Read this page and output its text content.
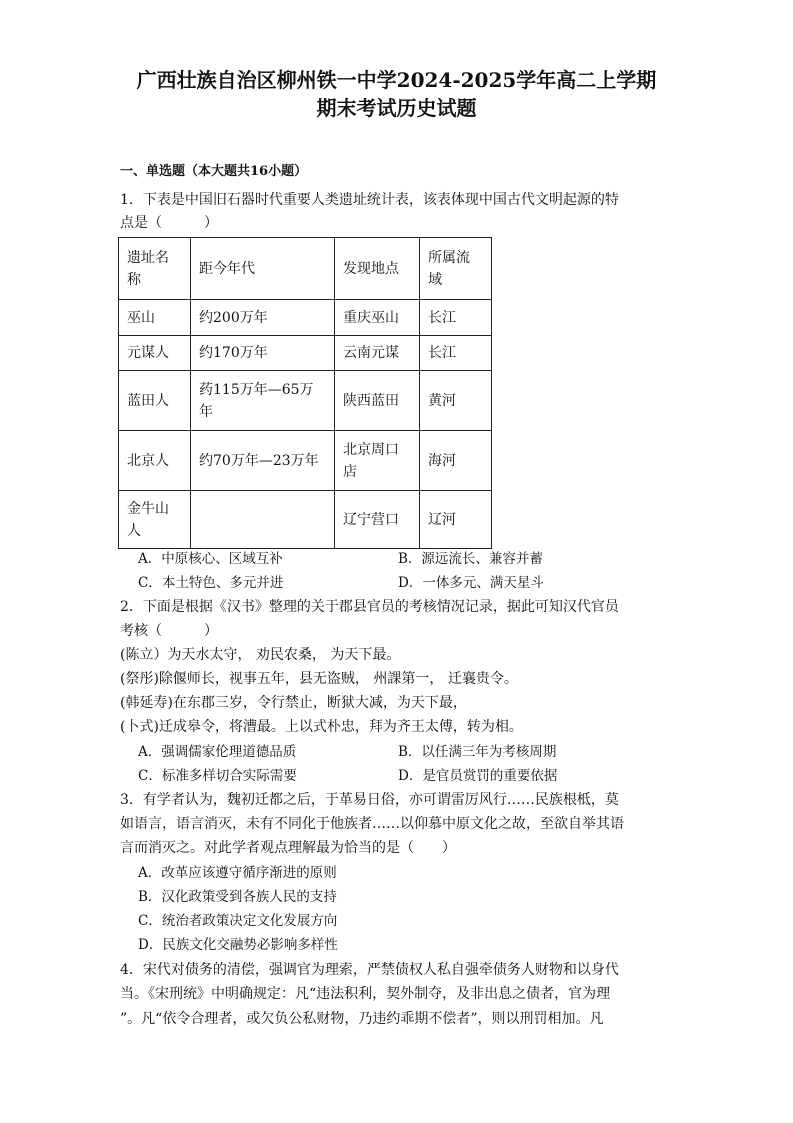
广西壮族自治区柳州铁一中学2024-2025学年高二上学期
期末考试历史试题
一、单选题（本大题共16小题）
1．下表是中国旧石器时代重要人类遗址统计表，该表体现中国古代文明起源的特
点是（　　　）
遗址名称	距今年代	发现地点	所属流域
巫山	约200万年	重庆巫山	长江
元谋人	约170万年	云南元谋	长江
蓝田人	药115万年—65万年	陕西蓝田	黄河
北京人	约70万年—23万年	北京周口店	海河
金牛山人		辽宁营口	辽河
A．中原核心、区域互补	B．源远流长、兼容并蓄
C．本土特色、多元并进	D．一体多元、满天星斗
2．下面是根据《汉书》整理的关于郡县官员的考核情况记录，据此可知汉代官员
考核（　　　）
(陈立）为天水太守， 劝民农桑， 为天下最。
(祭彤)除偃师长，视事五年，县无盗贼， 州課第一， 迁襄贵令。
(韩延寿)在东郡三岁，令行禁止，断狱大减，为天下最，
(卜式)迁成皋令，将漕最。上以式朴忠，拜为齐王太傅，转为相。
A．强调儒家伦理道德品质	B．以任满三年为考核周期
C．标准多样切合实际需要	D．是官员赏罚的重要依据
3．有学者认为，魏初迁都之后，于革易日俗，亦可谓雷厉风行……民族根柢，莫
如语言，语言消灭，未有不同化于他族者……以仰慕中原文化之故，至欲自举其语
言而消灭之。对此学者观点理解最为恰当的是（　　）
A．改革应该遵守循序渐进的原则
B．汉化政策受到各族人民的支持
C．统治者政策决定文化发展方向
D．民族文化交融势必影响多样性
4．宋代对债务的清偿，强调官为理索，严禁债权人私自强牵债务人财物和以身代
当。《宋刑统》中明确规定：凡“违法积利，契外制夺，及非出息之债者，官为理
”。凡“依令合理者，或欠负公私财物，乃违约乖期不偿者”，则以刑罚相加。凡
